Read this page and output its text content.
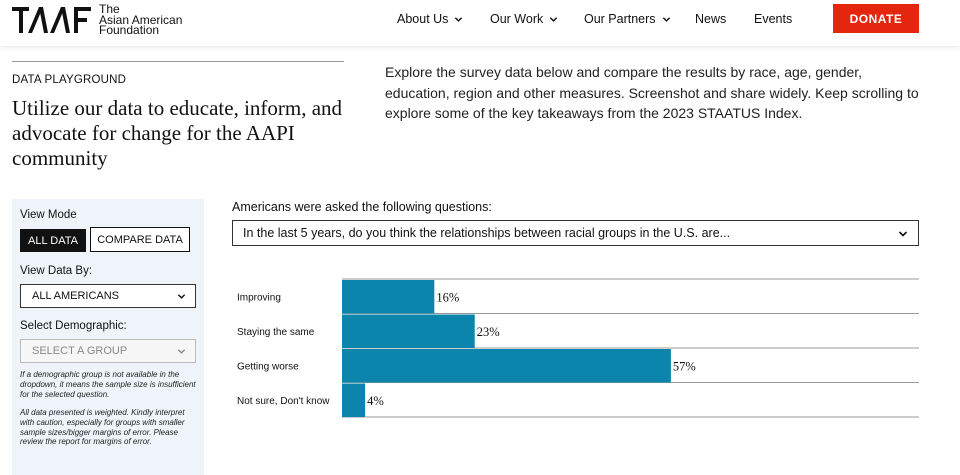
The
Asian American
Foundation
About Us	Our Work	Our Partners	News Events	DONATE
DATA PLAYGROUND
Utilize our data to educate, inform, and advocate for change for the AAPI community

Explore the survey data below and compare the results by race, age, gender, education, region and other measures. Screenshot and share widely. Keep scrolling to explore some of the key takeaways from the 2023 STAATUS Index.

View Mode
ALL DATA	COMPARE DATA
View Data By:
ALL AMERICANS
Select Demographic:
SELECT A GROUP
If a demographic group is not available in the dropdown, it means the sample size is insufficient for the selected question.
All data presented is weighted. Kindly interpret with caution, especially for groups with smaller sample sizes/bigger margins of error. Please review the report for margins of error.
Americans were asked the following questions:
In the last 5 years, do you think the relationships between racial groups in the U.S. are...
Improving	16%
Staying the same	23%
Getting worse	57%
Not sure, Don't know	4%
